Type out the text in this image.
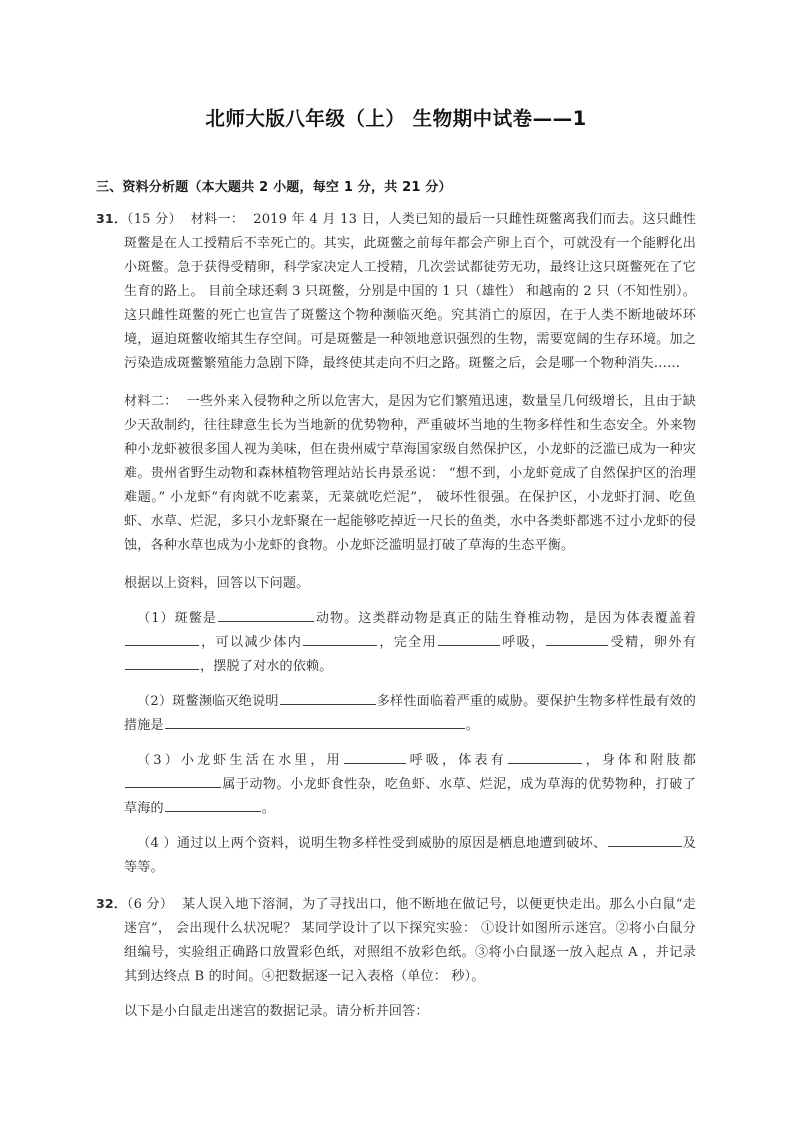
北师大版八年级（上） 生物期中试卷——1
三、资料分析题（本大题共 2 小题，每空 1 分，共 21 分）

31．（15 分） 材料一： 2019 年 4 月 13 日，人类已知的最后一只雌性斑鳖离我们而去。这只雌性斑鳖是在人工授精后不幸死亡的。其实，此斑鳖之前每年都会产卵上百个，可就没有一个能孵化出小斑鳖。急于获得受精卵，科学家决定人工授精，几次尝试都徒劳无功，最终让这只斑鳖死在了它生育的路上。 目前全球还剩 3 只斑鳖，分别是中国的 1 只（雄性） 和越南的 2 只（不知性别）。这只雌性斑鳖的死亡也宣告了斑鳖这个物种濒临灭绝。究其消亡的原因，在于人类不断地破坏环境，逼迫斑鳖收缩其生存空间。可是斑鳖是一种领地意识强烈的生物，需要宽阔的生存环境。加之污染造成斑鳖繁殖能力急剧下降，最终使其走向不归之路。斑鳖之后，会是哪一个物种消失……

材料二： 一些外来入侵物种之所以危害大，是因为它们繁殖迅速，数量呈几何级增长，且由于缺少天敌制约，往往肆意生长为当地新的优势物种，严重破坏当地的生物多样性和生态安全。外来物种小龙虾被很多国人视为美味，但在贵州威宁草海国家级自然保护区，小龙虾的泛滥已成为一种灾难。贵州省野生动物和森林植物管理站站长冉景丞说： “想不到，小龙虾竟成了自然保护区的治理难题。” 小龙虾“有肉就不吃素菜，无菜就吃烂泥”， 破坏性很强。在保护区，小龙虾打洞、吃鱼虾、水草、烂泥，多只小龙虾聚在一起能够吃掉近一尺长的鱼类，水中各类虾都逃不过小龙虾的侵蚀，各种水草也成为小龙虾的食物。小龙虾泛滥明显打破了草海的生态平衡。

根据以上资料，回答以下问题。

（1）斑鳖是	动物。这类群动物是真正的陆生脊椎动物，是因为体表覆盖着，可以减少体内	，完全用	呼吸，	受精，卵外有，摆脱了对水的依赖。

（2）斑鳖濒临灭绝说明	多样性面临着严重的威胁。要保护生物多样性最有效的措施是	。

（3）小龙虾生活在水里，用	呼吸，体表有	，身体和附肢都属于动物。小龙虾食性杂，吃鱼虾、水草、烂泥，成为草海的优势物种，打破了草海的	。

（4 ）通过以上两个资料，说明生物多样性受到威胁的原因是栖息地遭到破坏、	及等等。

32．（6 分） 某人误入地下溶洞，为了寻找出口，他不断地在做记号，以便更快走出。那么小白鼠“走迷宫”， 会出现什么状况呢？ 某同学设计了以下探究实验： ①设计如图所示迷宫。②将小白鼠分组编号，实验组正确路口放置彩色纸，对照组不放彩色纸。③将小白鼠逐一放入起点 A ，并记录其到达终点 B 的时间。④把数据逐一记入表格（单位： 秒）。

以下是小白鼠走出迷宫的数据记录。请分析并回答：
